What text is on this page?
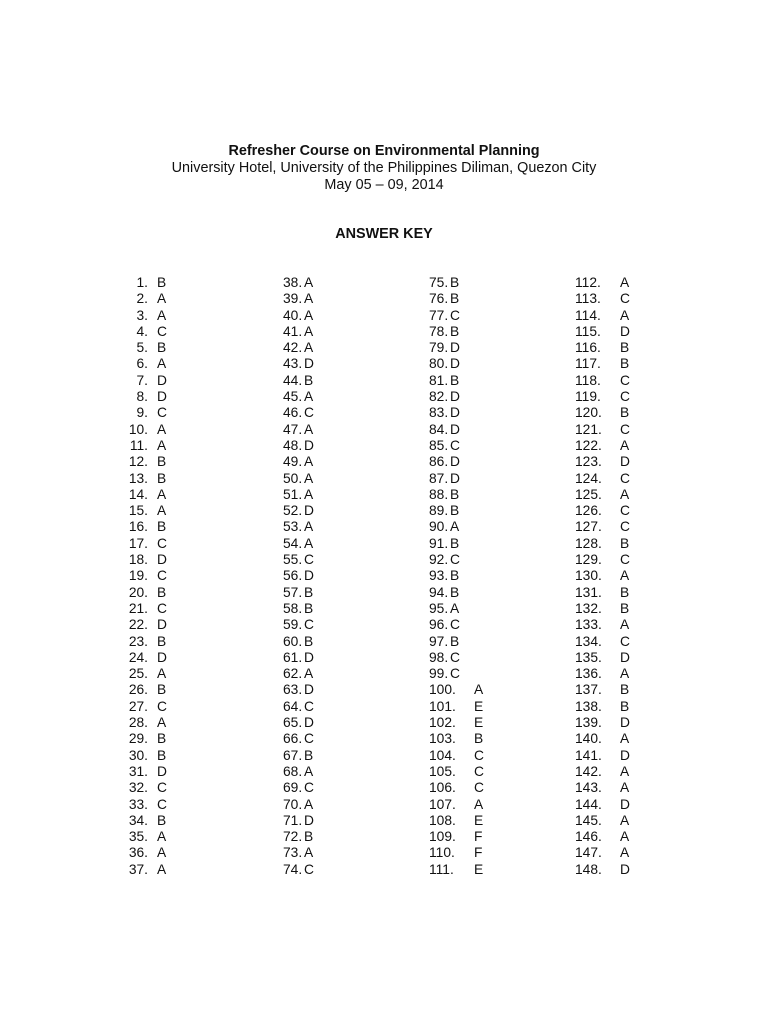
Refresher Course on Environmental Planning
University Hotel, University of the Philippines Diliman, Quezon City
May 05 – 09, 2014
ANSWER KEY
1. B
2. A
3. A
4. C
5. B
6. A
7. D
8. D
9. C
10. A
11. A
12. B
13. B
14. A
15. A
16. B
17. C
18. D
19. C
20. B
21. C
22. D
23. B
24. D
25. A
26. B
27. C
28. A
29. B
30. B
31. D
32. C
33. C
34. B
35. A
36. A
37. A
38. A
39. A
40. A
41. A
42. A
43. D
44. B
45. A
46. C
47. A
48. D
49. A
50. A
51. A
52. D
53. A
54. A
55. C
56. D
57. B
58. B
59. C
60. B
61. D
62. A
63. D
64. C
65. D
66. C
67. B
68. A
69. C
70. A
71. D
72. B
73. A
74. C
75. B
76. B
77. C
78. B
79. D
80. D
81. B
82. D
83. D
84. D
85. C
86. D
87. D
88. B
89. B
90. A
91. B
92. C
93. B
94. B
95. A
96. C
97. B
98. C
99. C
100. A
101. E
102. E
103. B
104. C
105. C
106. C
107. A
108. E
109. F
110. F
111. E
112. A
113. C
114. A
115. D
116. B
117. B
118. C
119. C
120. B
121. C
122. A
123. D
124. C
125. A
126. C
127. C
128. B
129. C
130. A
131. B
132. B
133. A
134. C
135. D
136. A
137. B
138. B
139. D
140. A
141. D
142. A
143. A
144. D
145. A
146. A
147. A
148. D
